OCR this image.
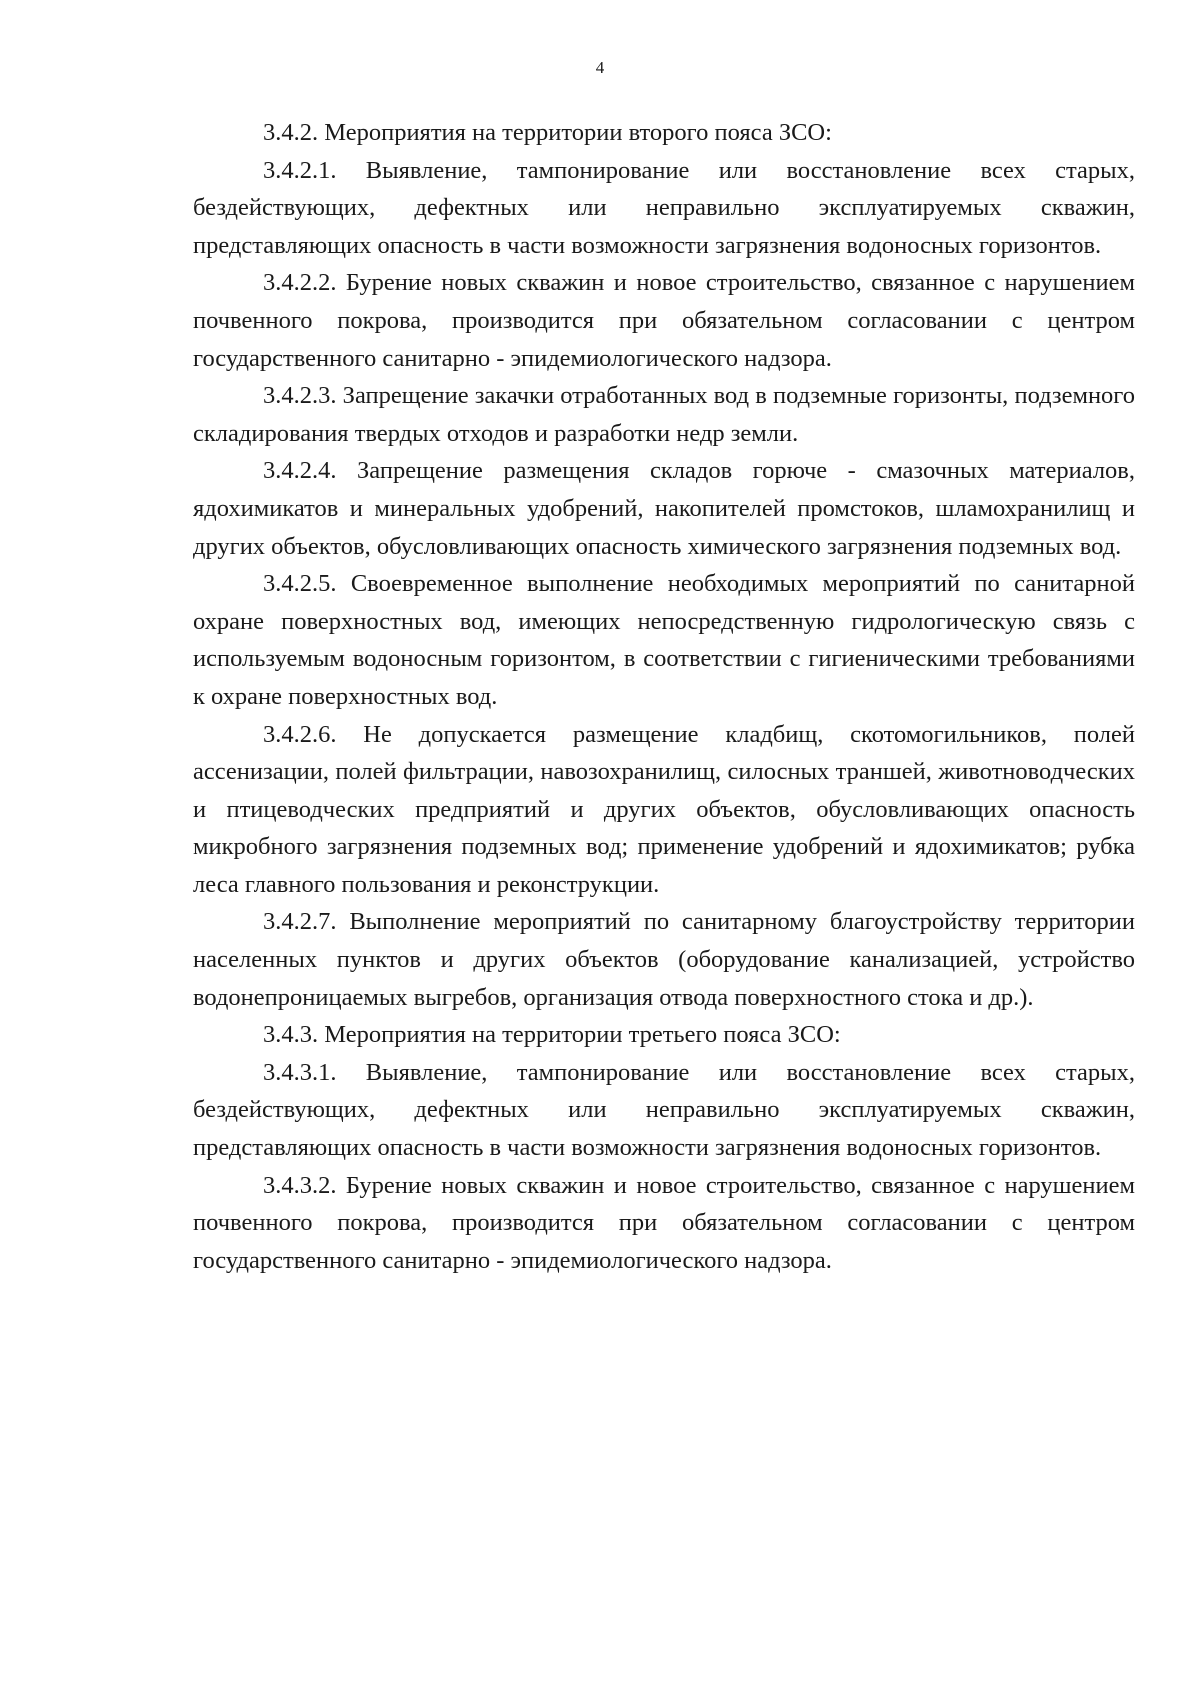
4

3.4.2. Мероприятия на территории второго пояса ЗСО:

3.4.2.1. Выявление, тампонирование или восстановление всех старых, бездействующих, дефектных или неправильно эксплуатируемых скважин, представляющих опасность в части возможности загрязнения водоносных горизонтов.

3.4.2.2. Бурение новых скважин и новое строительство, связанное с нарушением почвенного покрова, производится при обязательном согласовании с центром государственного санитарно - эпидемиологического надзора.

3.4.2.3. Запрещение закачки отработанных вод в подземные горизонты, подземного складирования твердых отходов и разработки недр земли.

3.4.2.4. Запрещение размещения складов горюче - смазочных материалов, ядохимикатов и минеральных удобрений, накопителей промстоков, шламохранилищ и других объектов, обусловливающих опасность химического загрязнения подземных вод.

3.4.2.5. Своевременное выполнение необходимых мероприятий по санитарной охране поверхностных вод, имеющих непосредственную гидрологическую связь с используемым водоносным горизонтом, в соответствии с гигиеническими требованиями к охране поверхностных вод.

3.4.2.6. Не допускается размещение кладбищ, скотомогильников, полей ассенизации, полей фильтрации, навозохранилищ, силосных траншей, животноводческих и птицеводческих предприятий и других объектов, обусловливающих опасность микробного загрязнения подземных вод; применение удобрений и ядохимикатов; рубка леса главного пользования и реконструкции.

3.4.2.7. Выполнение мероприятий по санитарному благоустройству территории населенных пунктов и других объектов (оборудование канализацией, устройство водонепроницаемых выгребов, организация отвода поверхностного стока и др.).

3.4.3. Мероприятия на территории третьего пояса ЗСО:

3.4.3.1. Выявление, тампонирование или восстановление всех старых, бездействующих, дефектных или неправильно эксплуатируемых скважин, представляющих опасность в части возможности загрязнения водоносных горизонтов.

3.4.3.2. Бурение новых скважин и новое строительство, связанное с нарушением почвенного покрова, производится при обязательном согласовании с центром государственного санитарно - эпидемиологического надзора.
